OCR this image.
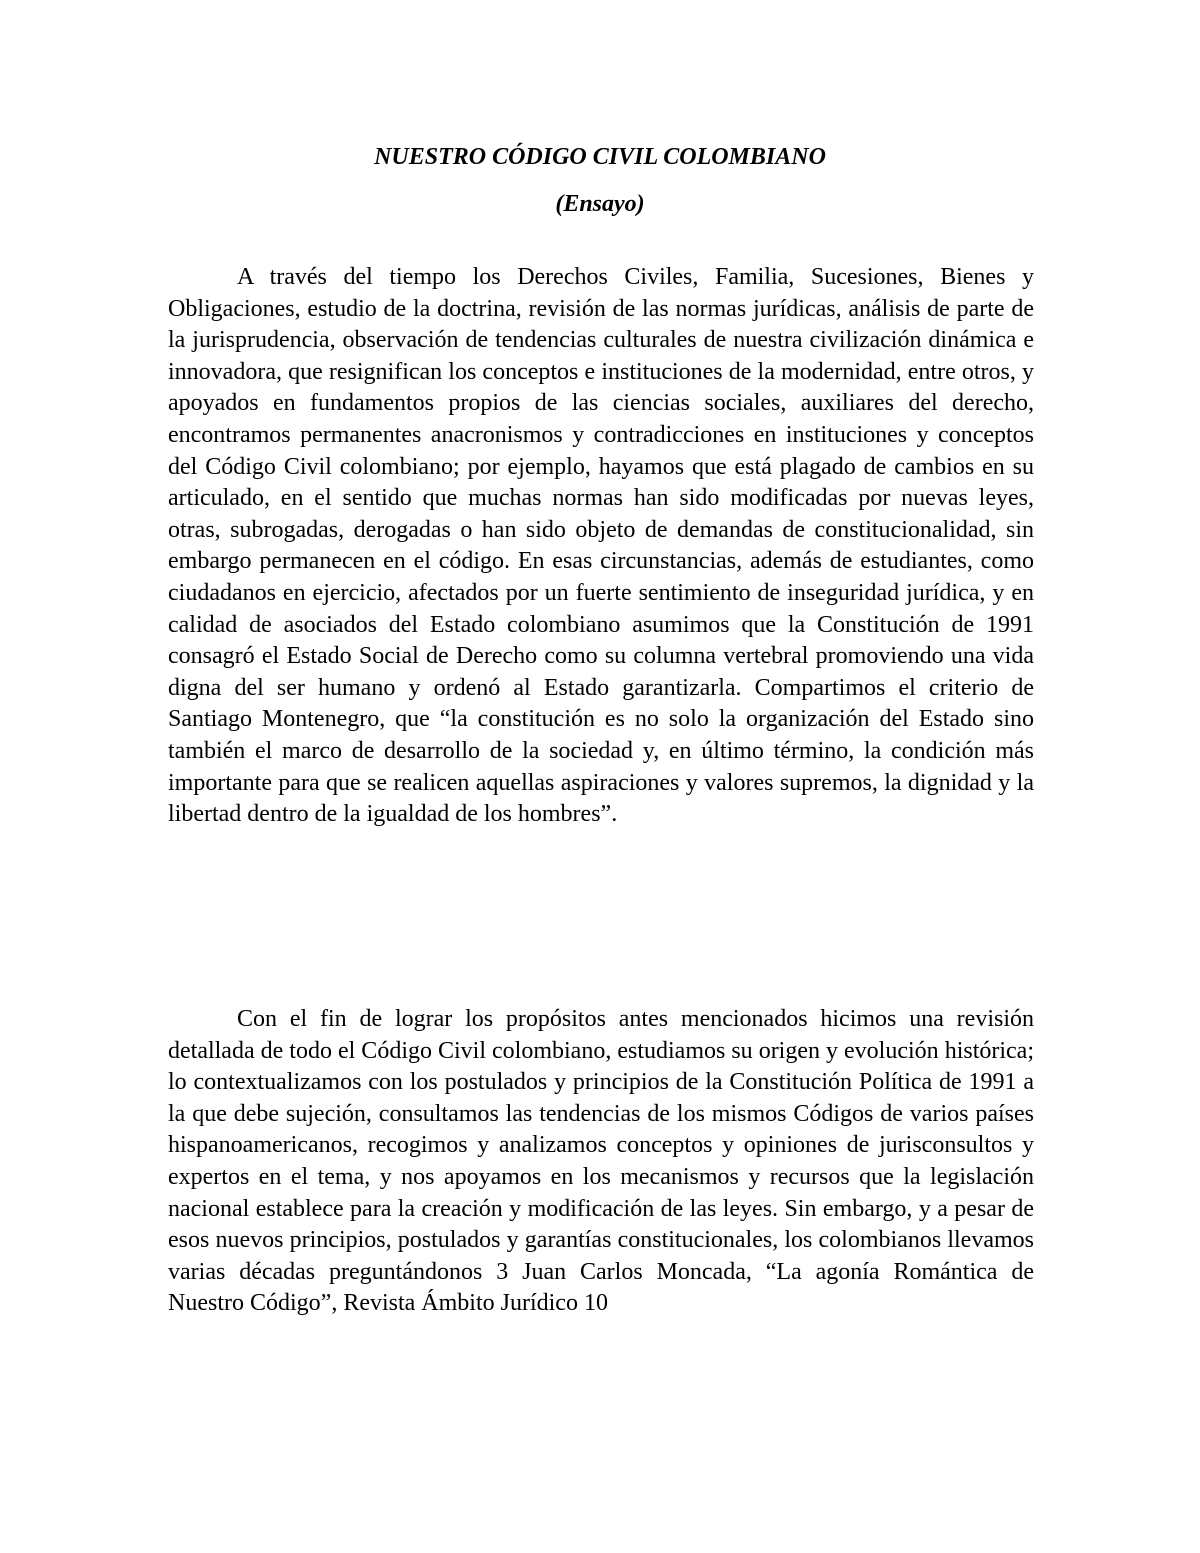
NUESTRO CÓDIGO CIVIL COLOMBIANO
(Ensayo)

A través del tiempo los Derechos Civiles, Familia, Sucesiones, Bienes y Obligaciones, estudio de la doctrina, revisión de las normas jurídicas, análisis de parte de la jurisprudencia, observación de tendencias culturales de nuestra civilización dinámica e innovadora, que resignifican los conceptos e instituciones de la modernidad, entre otros, y apoyados en fundamentos propios de las ciencias sociales, auxiliares del derecho, encontramos permanentes anacronismos y contradicciones en instituciones y conceptos del Código Civil colombiano; por ejemplo, hayamos que está plagado de cambios en su articulado, en el sentido que muchas normas han sido modificadas por nuevas leyes, otras, subrogadas, derogadas o han sido objeto de demandas de constitucionalidad, sin embargo permanecen en el código. En esas circunstancias, además de estudiantes, como ciudadanos en ejercicio, afectados por un fuerte sentimiento de inseguridad jurídica, y en calidad de asociados del Estado colombiano asumimos que la Constitución de 1991 consagró el Estado Social de Derecho como su columna vertebral promoviendo una vida digna del ser humano y ordenó al Estado garantizarla. Compartimos el criterio de Santiago Montenegro, que “la constitución es no solo la organización del Estado sino también el marco de desarrollo de la sociedad y, en último término, la condición más importante para que se realicen aquellas aspiraciones y valores supremos, la dignidad y la libertad dentro de la igualdad de los hombres”.

Con el fin de lograr los propósitos antes mencionados hicimos una revisión detallada de todo el Código Civil colombiano, estudiamos su origen y evolución histórica; lo contextualizamos con los postulados y principios de la Constitución Política de 1991 a la que debe sujeción, consultamos las tendencias de los mismos Códigos de varios países hispanoamericanos, recogimos y analizamos conceptos y opiniones de jurisconsultos y expertos en el tema, y nos apoyamos en los mecanismos y recursos que la legislación nacional establece para la creación y modificación de las leyes. Sin embargo, y a pesar de esos nuevos principios, postulados y garantías constitucionales, los colombianos llevamos varias décadas preguntándonos 3 Juan Carlos Moncada, “La agonía Romántica de Nuestro Código”, Revista Ámbito Jurídico 10
